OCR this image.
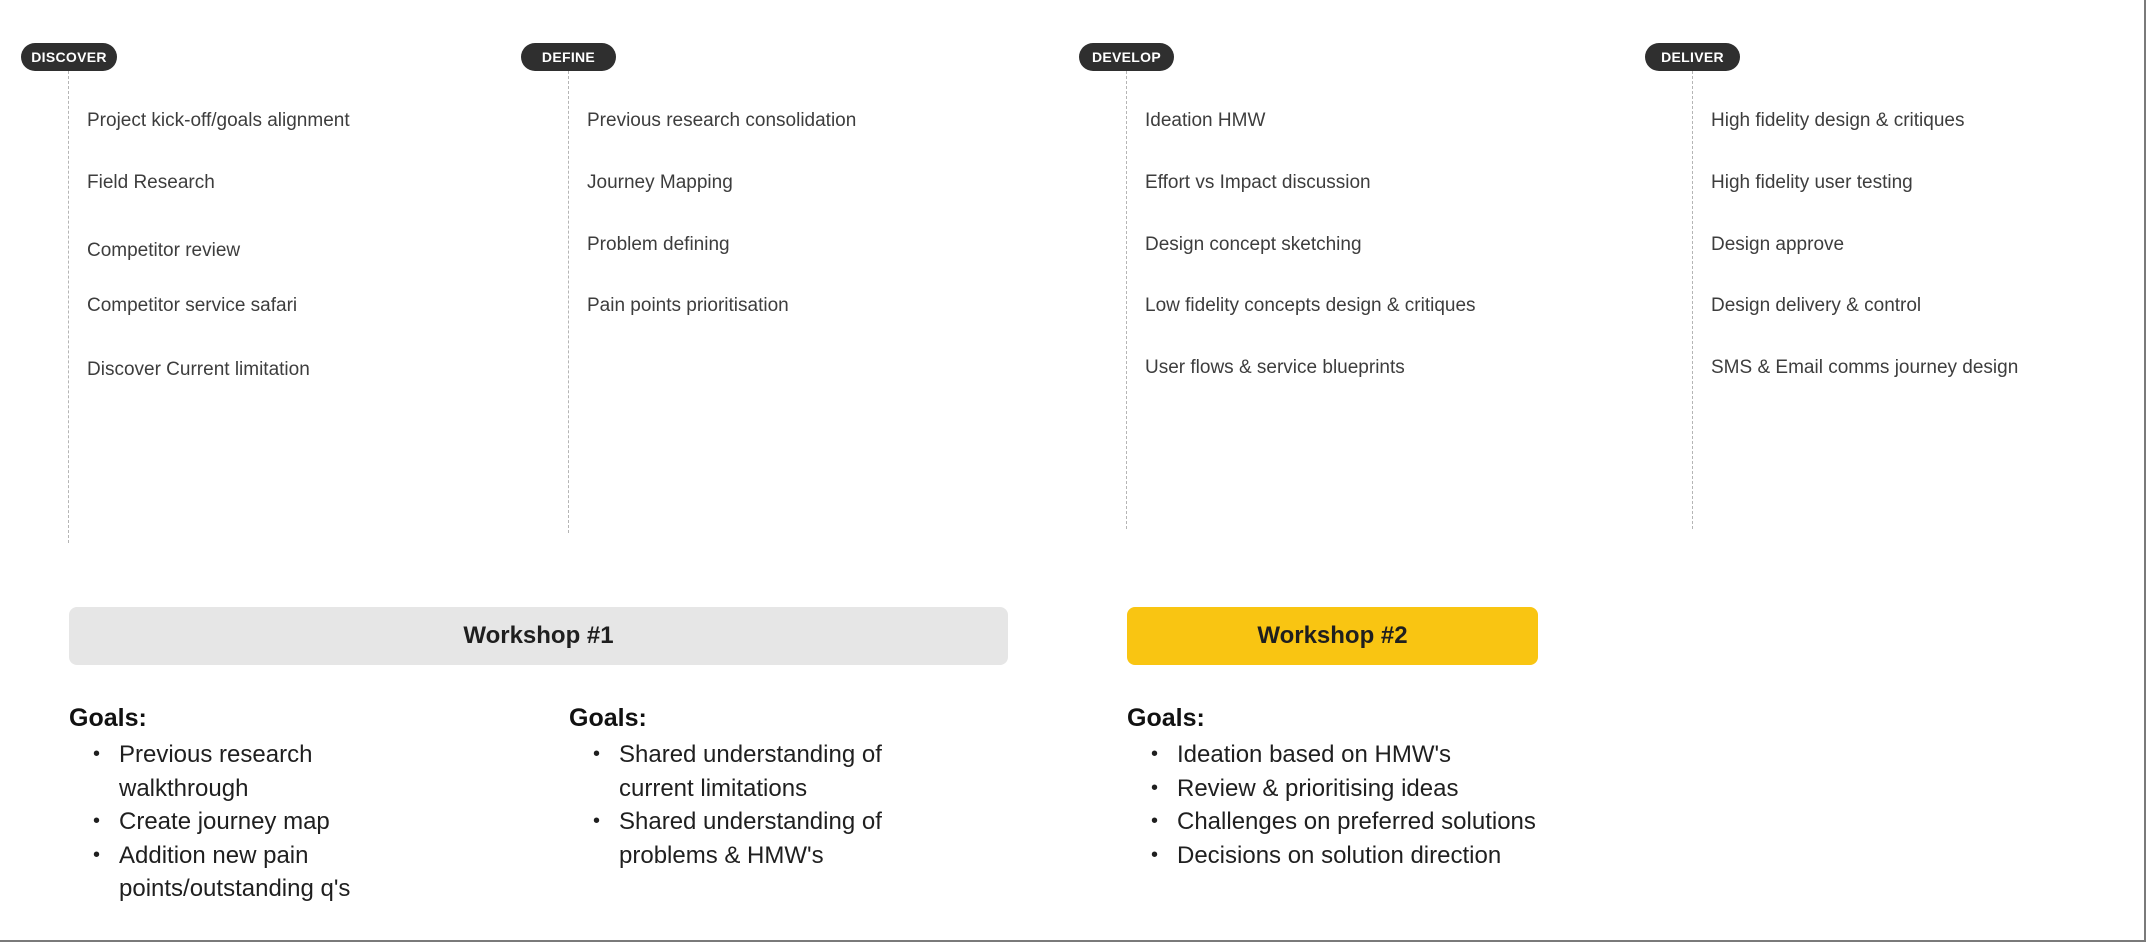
DISCOVER
Project kick-off/goals alignment
Field Research
Competitor review
Competitor service safari
Discover Current limitation
DEFINE
Previous research consolidation
Journey Mapping
Problem defining
Pain points prioritisation
DEVELOP
Ideation HMW
Effort vs Impact discussion
Design concept sketching
Low fidelity concepts design & critiques
User flows & service blueprints
DELIVER
High fidelity design & critiques
High fidelity user testing
Design approve
Design delivery & control
SMS & Email comms journey design
Workshop #1	Workshop #2
Goals:
• Previous research
walkthrough
• Create journey map
• Addition new pain
points/outstanding q's
Goals:
• Shared understanding of
current limitations
• Shared understanding of
problems & HMW's
Goals:
• Ideation based on HMW's
• Review & prioritising ideas
• Challenges on preferred solutions
• Decisions on solution direction
